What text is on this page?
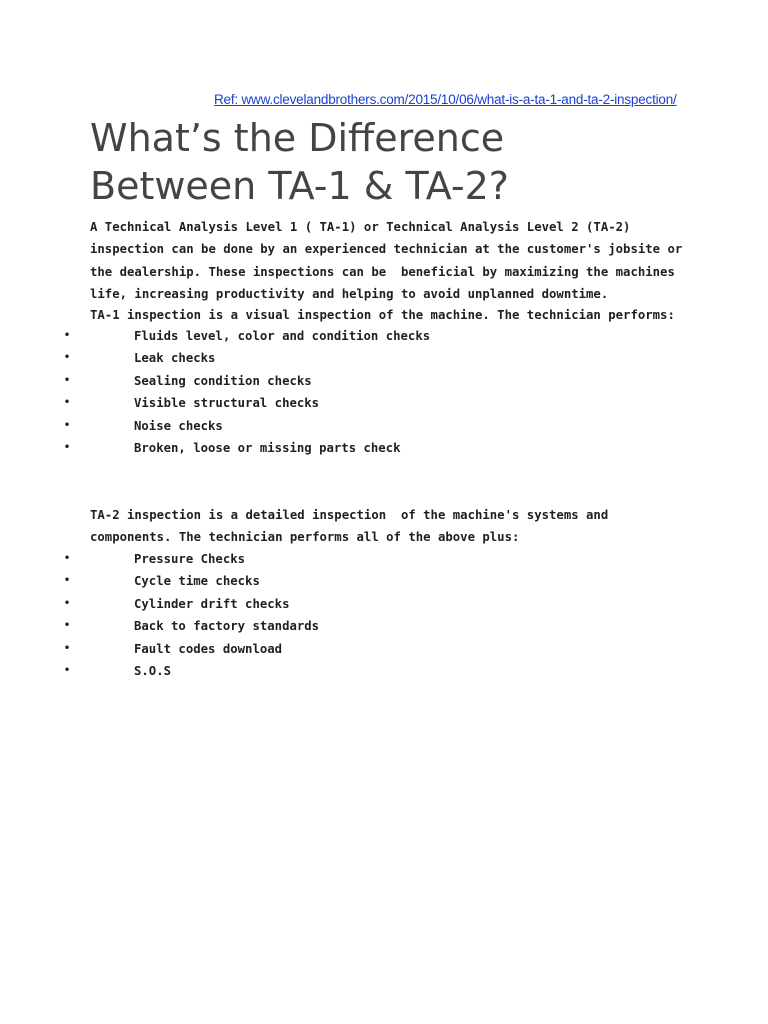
Ref: www.clevelandbrothers.com/2015/10/06/what-is-a-ta-1-and-ta-2-inspection/
What’s the Difference
Between TA-1 & TA-2?

A Technical Analysis Level 1 ( TA-1) or Technical Analysis Level 2 (TA-2)
inspection can be done by an experienced technician at the customer's jobsite or
the dealership. These inspections can be  beneficial by maximizing the machines
life, increasing productivity and helping to avoid unplanned downtime.

TA-1 inspection is a visual inspection of the machine. The technician performs:

•	Fluids level, color and condition checks
•	Leak checks
•	Sealing condition checks
•	Visible structural checks
•	Noise checks
•	Broken, loose or missing parts check

TA-2 inspection is a detailed inspection  of the machine's systems and
components. The technician performs all of the above plus:

•	Pressure Checks
•	Cycle time checks
•	Cylinder drift checks
•	Back to factory standards
•	Fault codes download
•	S.O.S
